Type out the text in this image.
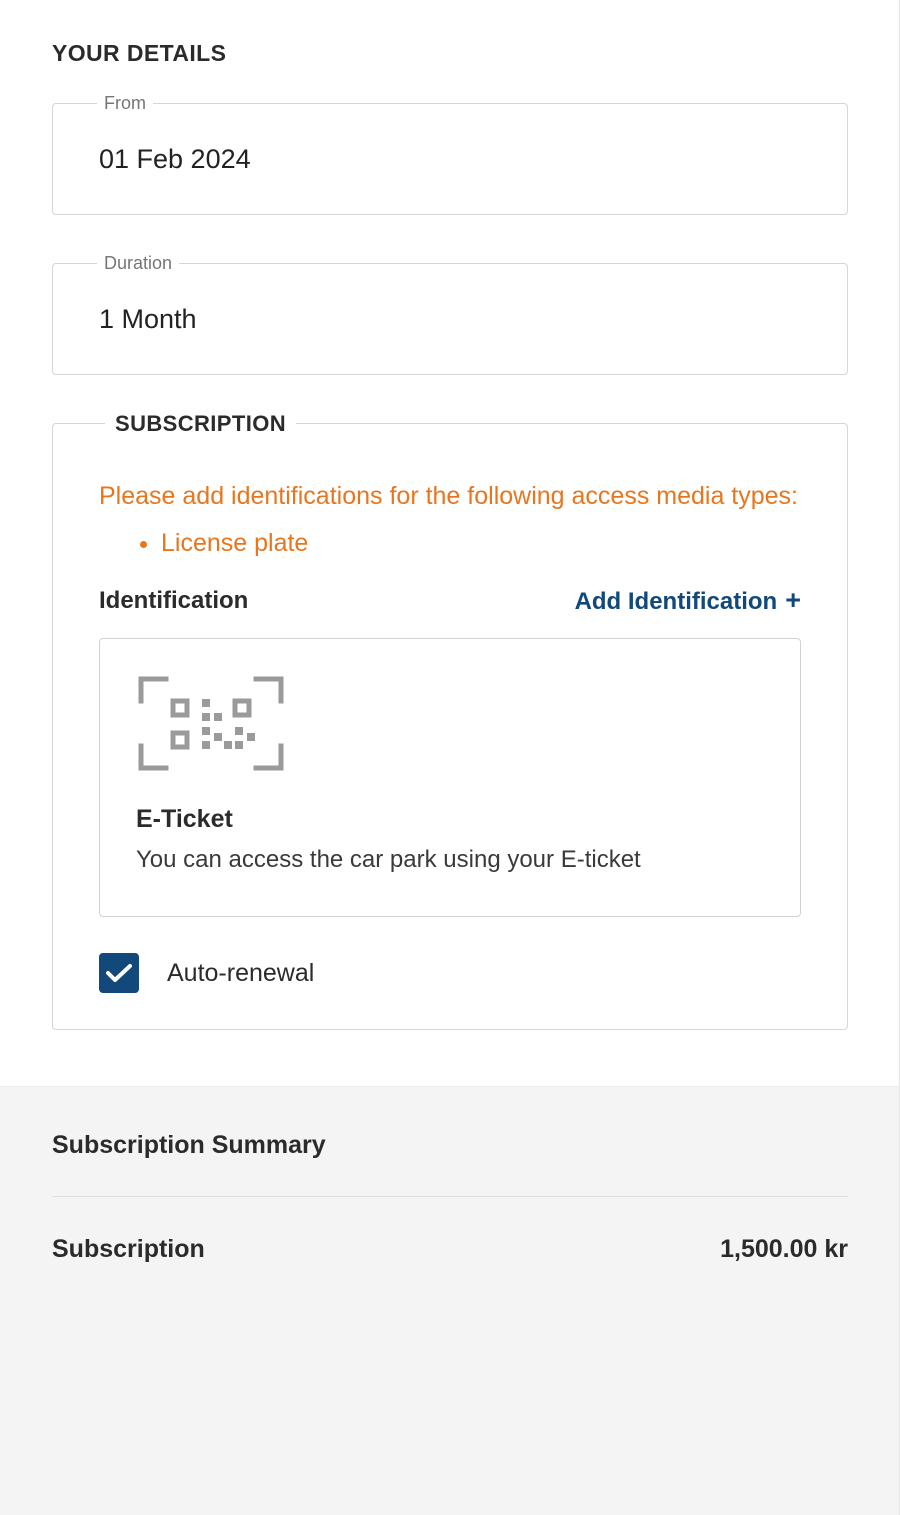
YOUR DETAILS
From
01 Feb 2024
Duration
1 Month
SUBSCRIPTION

Please add identifications for the following access media types:

• License plate
Identification	Add Identification +
E-Ticket

You can access the car park using your E-ticket

Auto-renewal
Subscription Summary
Subscription	1,500.00 kr
